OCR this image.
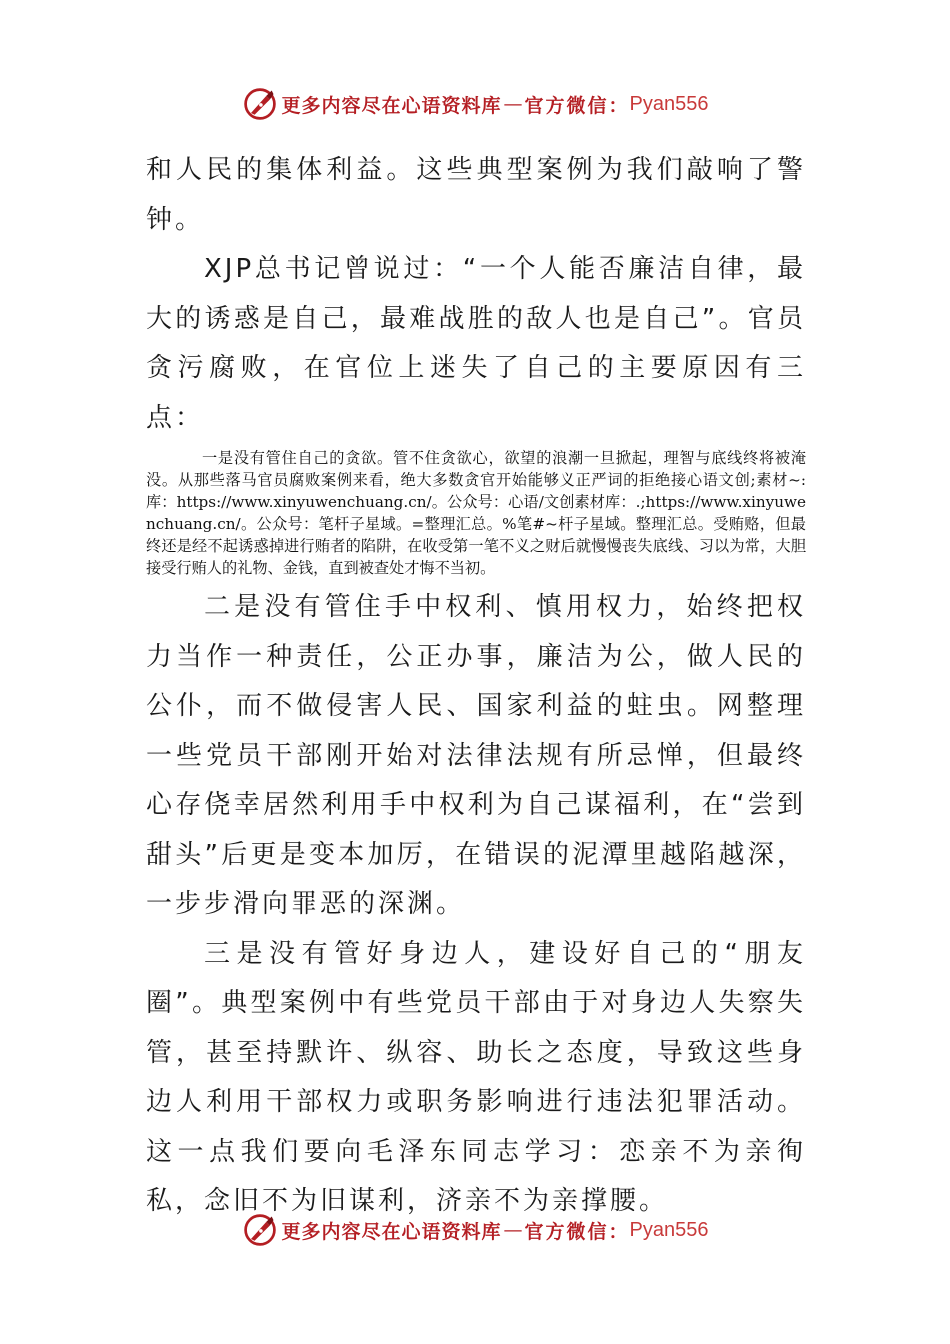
更多内容尽在心语资料库 — 官方微信： Pyan556

和人民的集体利益。这些典型案例为我们敲响了警钟。

XJP总书记曾说过：“一个人能否廉洁自律，最大的诱惑是自己，最难战胜的敌人也是自己”。官员贪污腐败，在官位上迷失了自己的主要原因有三点：

一是没有管住自己的贪欲。管不住贪欲心，欲望的浪潮一旦掀起，理智与底线终将被淹没。从那些落马官员腐败案例来看，绝大多数贪官开始能够义正严词的拒绝接心语文创;素材~:库：https://www.xinyuwenchuang.cn/。公众号：心语/文创素材库：.;https://www.xinyuwenchuang.cn/。公众号：笔杆子星域。=整理汇总。%笔#~杆子星域。整理汇总。受贿赂，但最终还是经不起诱惑掉进行贿者的陷阱，在收受第一笔不义之财后就慢慢丧失底线、习以为常，大胆接受行贿人的礼物、金钱，直到被查处才悔不当初。

二是没有管住手中权利、慎用权力，始终把权力当作一种责任，公正办事，廉洁为公，做人民的公仆，而不做侵害人民、国家利益的蛀虫。网整理一些党员干部刚开始对法律法规有所忌惮，但最终心存侥幸居然利用手中权利为自己谋福利，在“尝到甜头”后更是变本加厉，在错误的泥潭里越陷越深，一步步滑向罪恶的深渊。

三是没有管好身边人，建设好自己的“朋友圈”。典型案例中有些党员干部由于对身边人失察失管，甚至持默许、纵容、助长之态度，导致这些身边人利用干部权力或职务影响进行违法犯罪活动。这一点我们要向毛泽东同志学习：恋亲不为亲徇私，念旧不为旧谋利，济亲不为亲撑腰。

更多内容尽在心语资料库 — 官方微信： Pyan556
